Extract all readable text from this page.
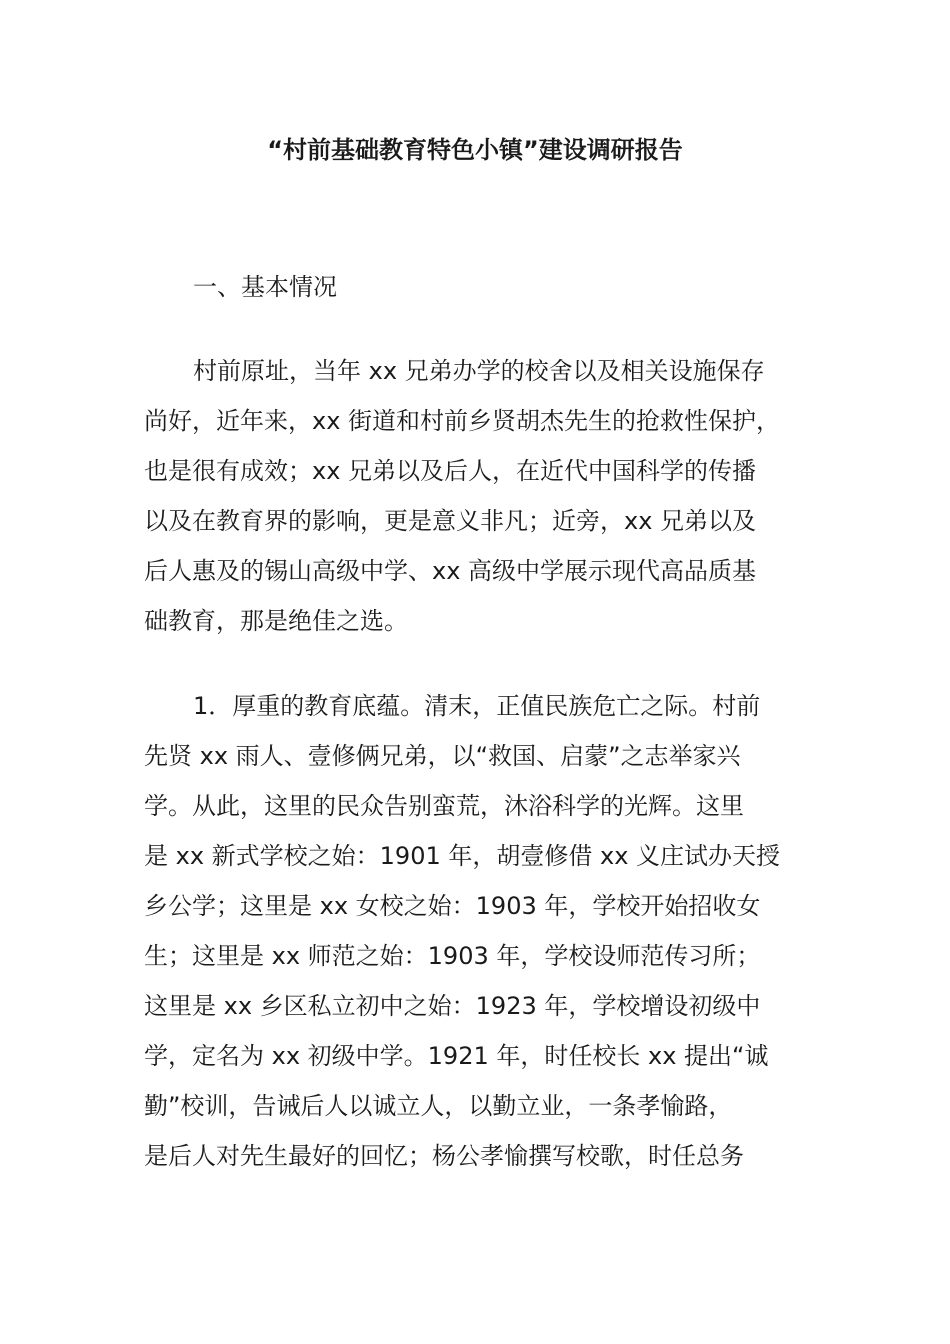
“村前基础教育特色小镇”建设调研报告
一、基本情况
村前原址，当年 xx 兄弟办学的校舍以及相关设施保存
尚好，近年来，xx 街道和村前乡贤胡杰先生的抢救性保护，
也是很有成效；xx 兄弟以及后人，在近代中国科学的传播
以及在教育界的影响，更是意义非凡；近旁，xx 兄弟以及
后人惠及的锡山高级中学、xx 高级中学展示现代高品质基
础教育，那是绝佳之选。
1．厚重的教育底蕴。清末，正值民族危亡之际。村前
先贤 xx 雨人、壹修俩兄弟，以“救国、启蒙”之志举家兴
学。从此，这里的民众告别蛮荒，沐浴科学的光辉。这里
是 xx 新式学校之始：1901 年，胡壹修借 xx 义庄试办天授
乡公学；这里是 xx 女校之始：1903 年，学校开始招收女
生；这里是 xx 师范之始：1903 年，学校设师范传习所；
这里是 xx 乡区私立初中之始：1923 年，学校增设初级中
学，定名为 xx 初级中学。1921 年，时任校长 xx 提出“诚
勤”校训，告诫后人以诚立人，以勤立业，一条孝愉路，
是后人对先生最好的回忆；杨公孝愉撰写校歌，时任总务
